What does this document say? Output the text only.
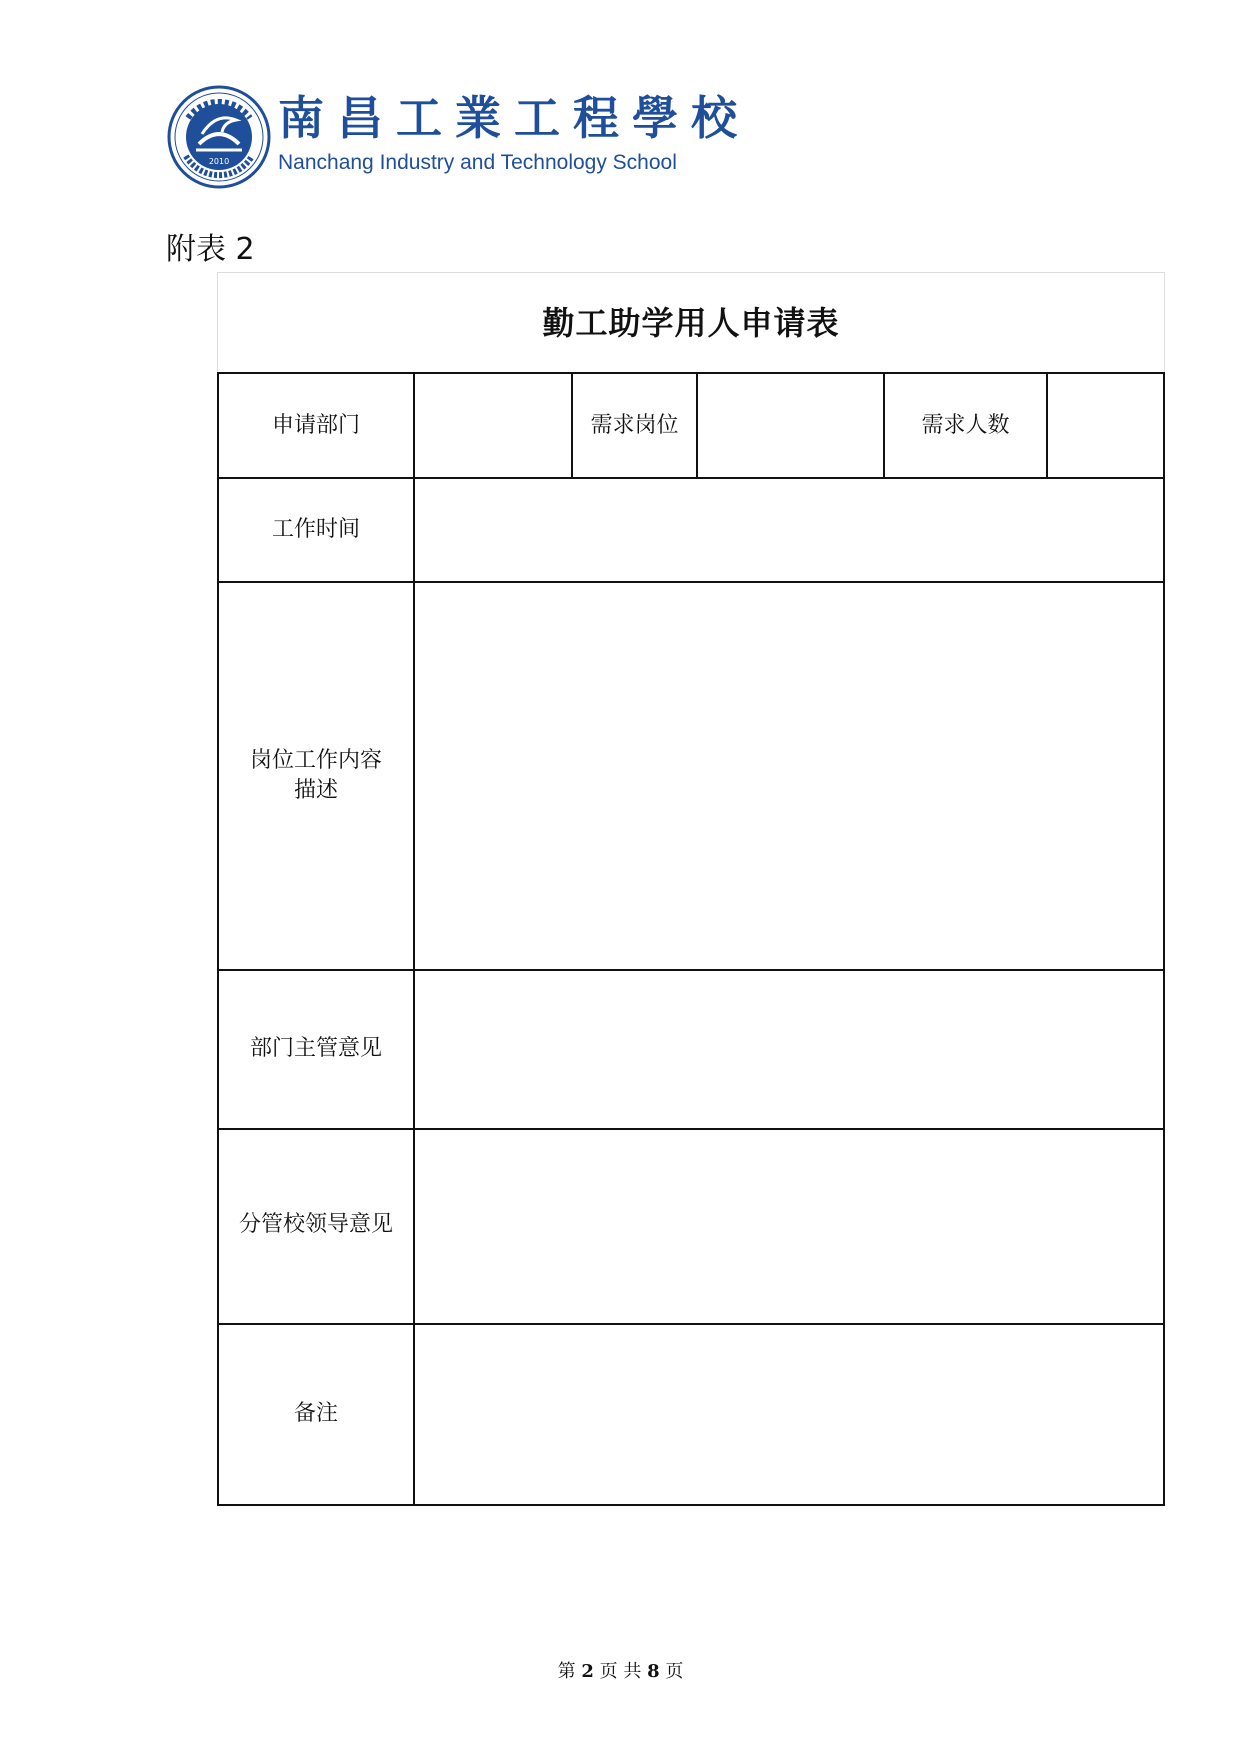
2010
南昌工業工程學校
Nanchang Industry and Technology School
附表 2
勤工助学用人申请表
申请部门	需求岗位	需求人数
工作时间
岗位工作内容
描述
部门主管意见
分管校领导意见
备注
第 2 页 共 8 页
